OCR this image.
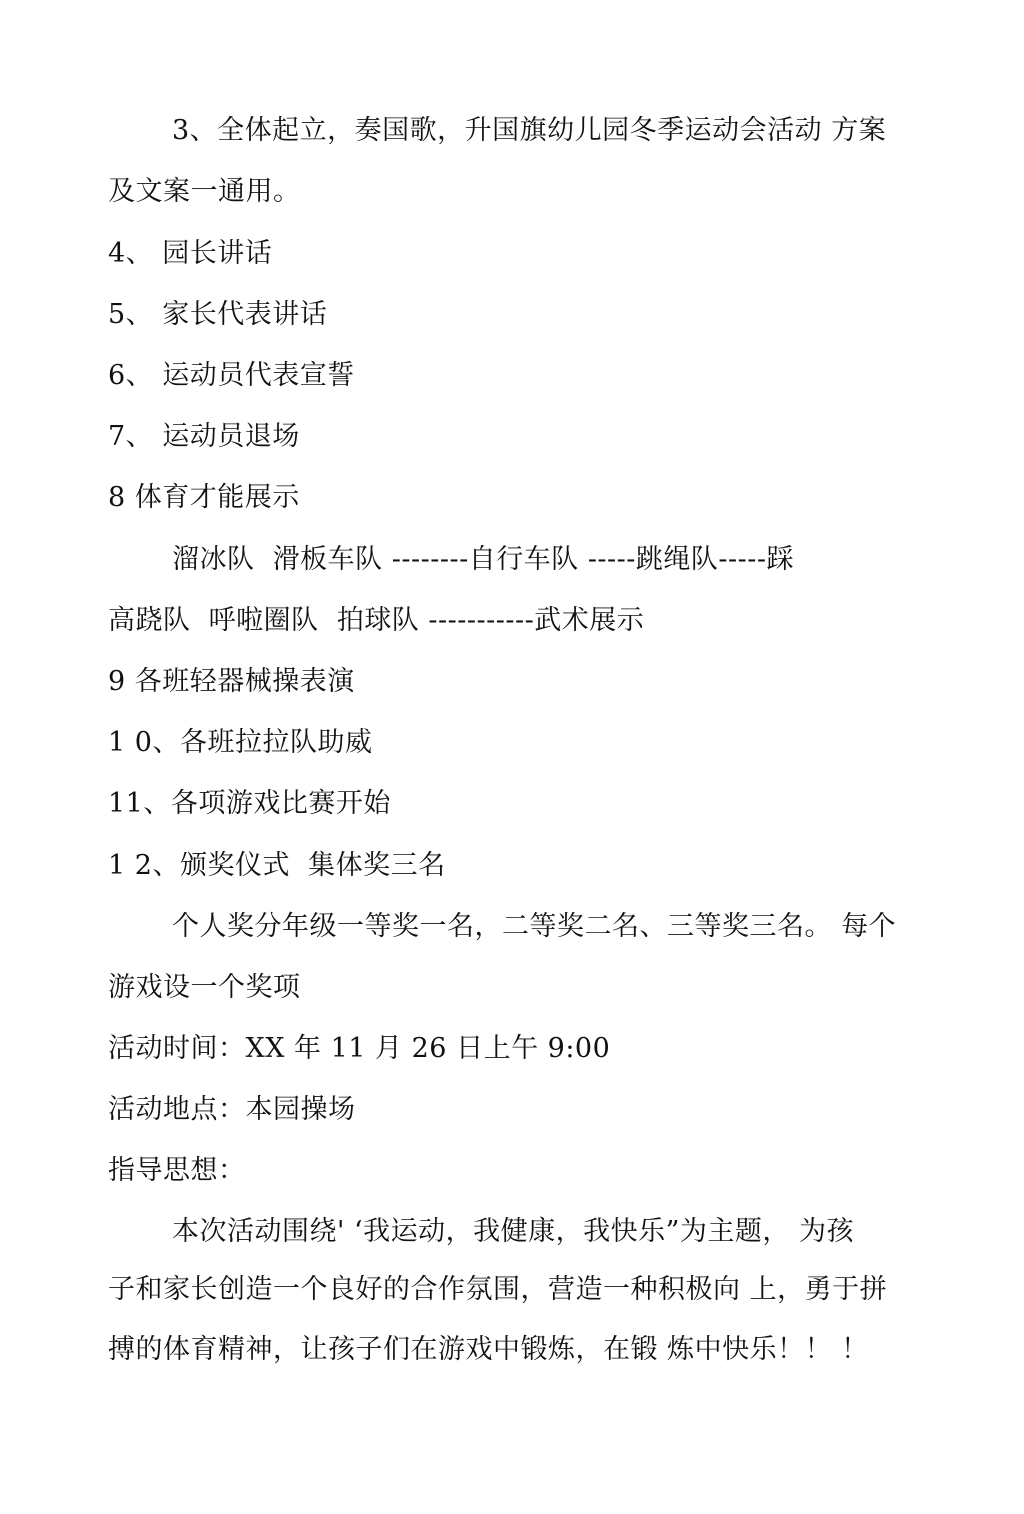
3、全体起立，奏国歌，升国旗幼儿园冬季运动会活动 方案
及文案一通用。
4、 园长讲话
5、 家长代表讲话
6、 运动员代表宣誓
7、 运动员退场
8 体育才能展示
溜冰队  滑板车队 --------自行车队 -----跳绳队-----踩
高跷队  呼啦圈队  拍球队 -----------武术展示
9 各班轻器械操表演
1 0、各班拉拉队助威
11、各项游戏比赛开始
1 2、颁奖仪式  集体奖三名
个人奖分年级一等奖一名，二等奖二名、三等奖三名。 每个
游戏设一个奖项
活动时间：XX 年 11 月 26 日上午 9:00
活动地点：本园操场
指导思想：
本次活动围绕' ‘我运动，我健康，我快乐”为主题， 为孩
子和家长创造一个良好的合作氛围，营造一种积极向 上，勇于拼
搏的体育精神，让孩子们在游戏中锻炼，在锻 炼中快乐！！ ！
